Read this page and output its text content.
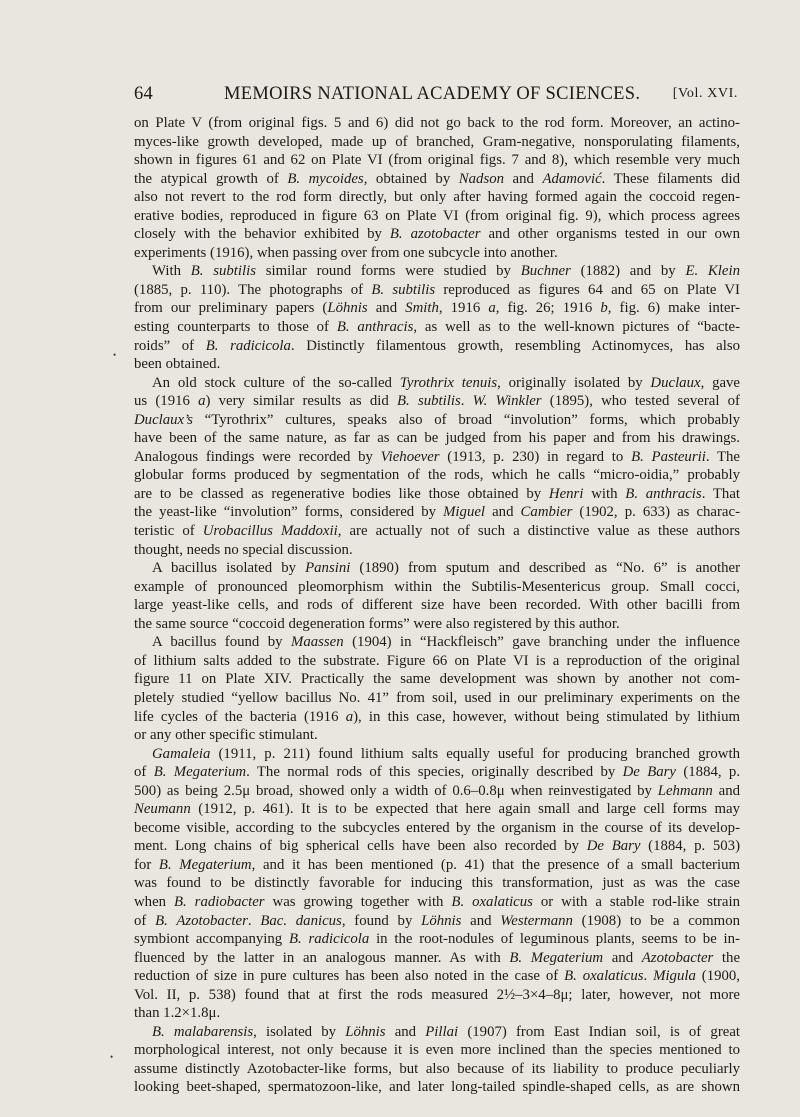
64	MEMOIRS NATIONAL ACADEMY OF SCIENCES. [Vol. XVI.

on Plate V (from original figs. 5 and 6) did not go back to the rod form. Moreover, an actino-

myces-like growth developed, made up of branched, Gram-negative, nonsporulating filaments,

shown in figures 61 and 62 on Plate VI (from original figs. 7 and 8), which resemble very much

the atypical growth of B. mycoides, obtained by Nadson and Adamović. These filaments did

also not revert to the rod form directly, but only after having formed again the coccoid regen-

erative bodies, reproduced in figure 63 on Plate VI (from original fig. 9), which process agrees

closely with the behavior exhibited by B. azotobacter and other organisms tested in our own

experiments (1916), when passing over from one subcycle into another.

With B. subtilis similar round forms were studied by Buchner (1882) and by E. Klein

(1885, p. 110). The photographs of B. subtilis reproduced as figures 64 and 65 on Plate VI

from our preliminary papers (Löhnis and Smith, 1916 a, fig. 26; 1916 b, fig. 6) make inter-

esting counterparts to those of B. anthracis, as well as to the well-known pictures of “bacte-

roids” of B. radicicola. Distinctly filamentous growth, resembling Actinomyces, has also

been obtained.

An old stock culture of the so-called Tyrothrix tenuis, originally isolated by Duclaux, gave

us (1916 a) very similar results as did B. subtilis. W. Winkler (1895), who tested several of

Duclaux’s “Tyrothrix” cultures, speaks also of broad “involution” forms, which probably

have been of the same nature, as far as can be judged from his paper and from his drawings.

Analogous findings were recorded by Viehoever (1913, p. 230) in regard to B. Pasteurii. The

globular forms produced by segmentation of the rods, which he calls “micro-oidia,” probably

are to be classed as regenerative bodies like those obtained by Henri with B. anthracis. That

the yeast-like “involution” forms, considered by Miguel and Cambier (1902, p. 633) as charac-

teristic of Urobacillus Maddoxii, are actually not of such a distinctive value as these authors

thought, needs no special discussion.

A bacillus isolated by Pansini (1890) from sputum and described as “No. 6” is another

example of pronounced pleomorphism within the Subtilis-Mesentericus group. Small cocci,

large yeast-like cells, and rods of different size have been recorded. With other bacilli from

the same source “coccoid degeneration forms” were also registered by this author.

A bacillus found by Maassen (1904) in “Hackfleisch” gave branching under the influence

of lithium salts added to the substrate. Figure 66 on Plate VI is a reproduction of the original

figure 11 on Plate XIV. Practically the same development was shown by another not com-

pletely studied “yellow bacillus No. 41” from soil, used in our preliminary experiments on the

life cycles of the bacteria (1916 a), in this case, however, without being stimulated by lithium

or any other specific stimulant.

Gamaleia (1911, p. 211) found lithium salts equally useful for producing branched growth

of B. Megaterium. The normal rods of this species, originally described by De Bary (1884, p.

500) as being 2.5μ broad, showed only a width of 0.6–0.8μ when reinvestigated by Lehmann and

Neumann (1912, p. 461). It is to be expected that here again small and large cell forms may

become visible, according to the subcycles entered by the organism in the course of its develop-

ment. Long chains of big spherical cells have been also recorded by De Bary (1884, p. 503)

for B. Megaterium, and it has been mentioned (p. 41) that the presence of a small bacterium

was found to be distinctly favorable for inducing this transformation, just as was the case

when B. radiobacter was growing together with B. oxalaticus or with a stable rod-like strain

of B. Azotobacter. Bac. danicus, found by Löhnis and Westermann (1908) to be a common

symbiont accompanying B. radicicola in the root-nodules of leguminous plants, seems to be in-

fluenced by the latter in an analogous manner. As with B. Megaterium and Azotobacter the

reduction of size in pure cultures has been also noted in the case of B. oxalaticus. Migula (1900,

Vol. II, p. 538) found that at first the rods measured 2½–3×4–8μ; later, however, not more

than 1.2×1.8μ.

B. malabarensis, isolated by Löhnis and Pillai (1907) from East Indian soil, is of great

morphological interest, not only because it is even more inclined than the species mentioned to

assume distinctly Azotobacter-like forms, but also because of its liability to produce peculiarly

looking beet-shaped, spermatozoon-like, and later long-tailed spindle-shaped cells, as are shown

•
•
